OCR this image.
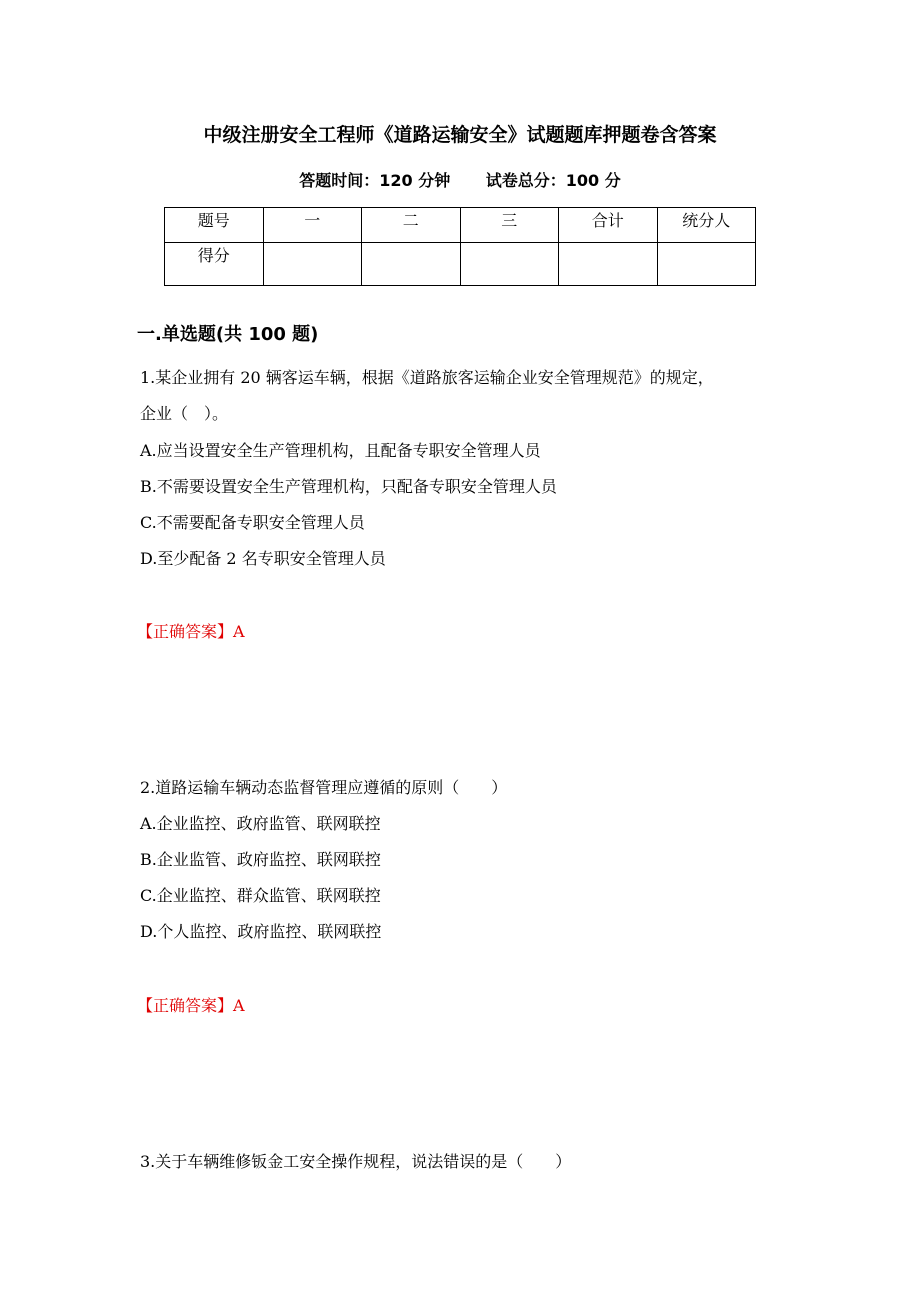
中级注册安全工程师《道路运输安全》试题题库押题卷含答案
答题时间：120 分钟 试卷总分：100 分
题号	一	二	三	合计	统分人
得分					
一.单选题(共 100 题)
1.某企业拥有 20 辆客运车辆，根据《道路旅客运输企业安全管理规范》的规定，
企业（　）。
A.应当设置安全生产管理机构，且配备专职安全管理人员
B.不需要设置安全生产管理机构，只配备专职安全管理人员
C.不需要配备专职安全管理人员
D.至少配备 2 名专职安全管理人员
【正确答案】A
2.道路运输车辆动态监督管理应遵循的原则（　　）
A.企业监控、政府监管、联网联控
B.企业监管、政府监控、联网联控
C.企业监控、群众监管、联网联控
D.个人监控、政府监控、联网联控
【正确答案】A
3.关于车辆维修钣金工安全操作规程，说法错误的是（　　）
